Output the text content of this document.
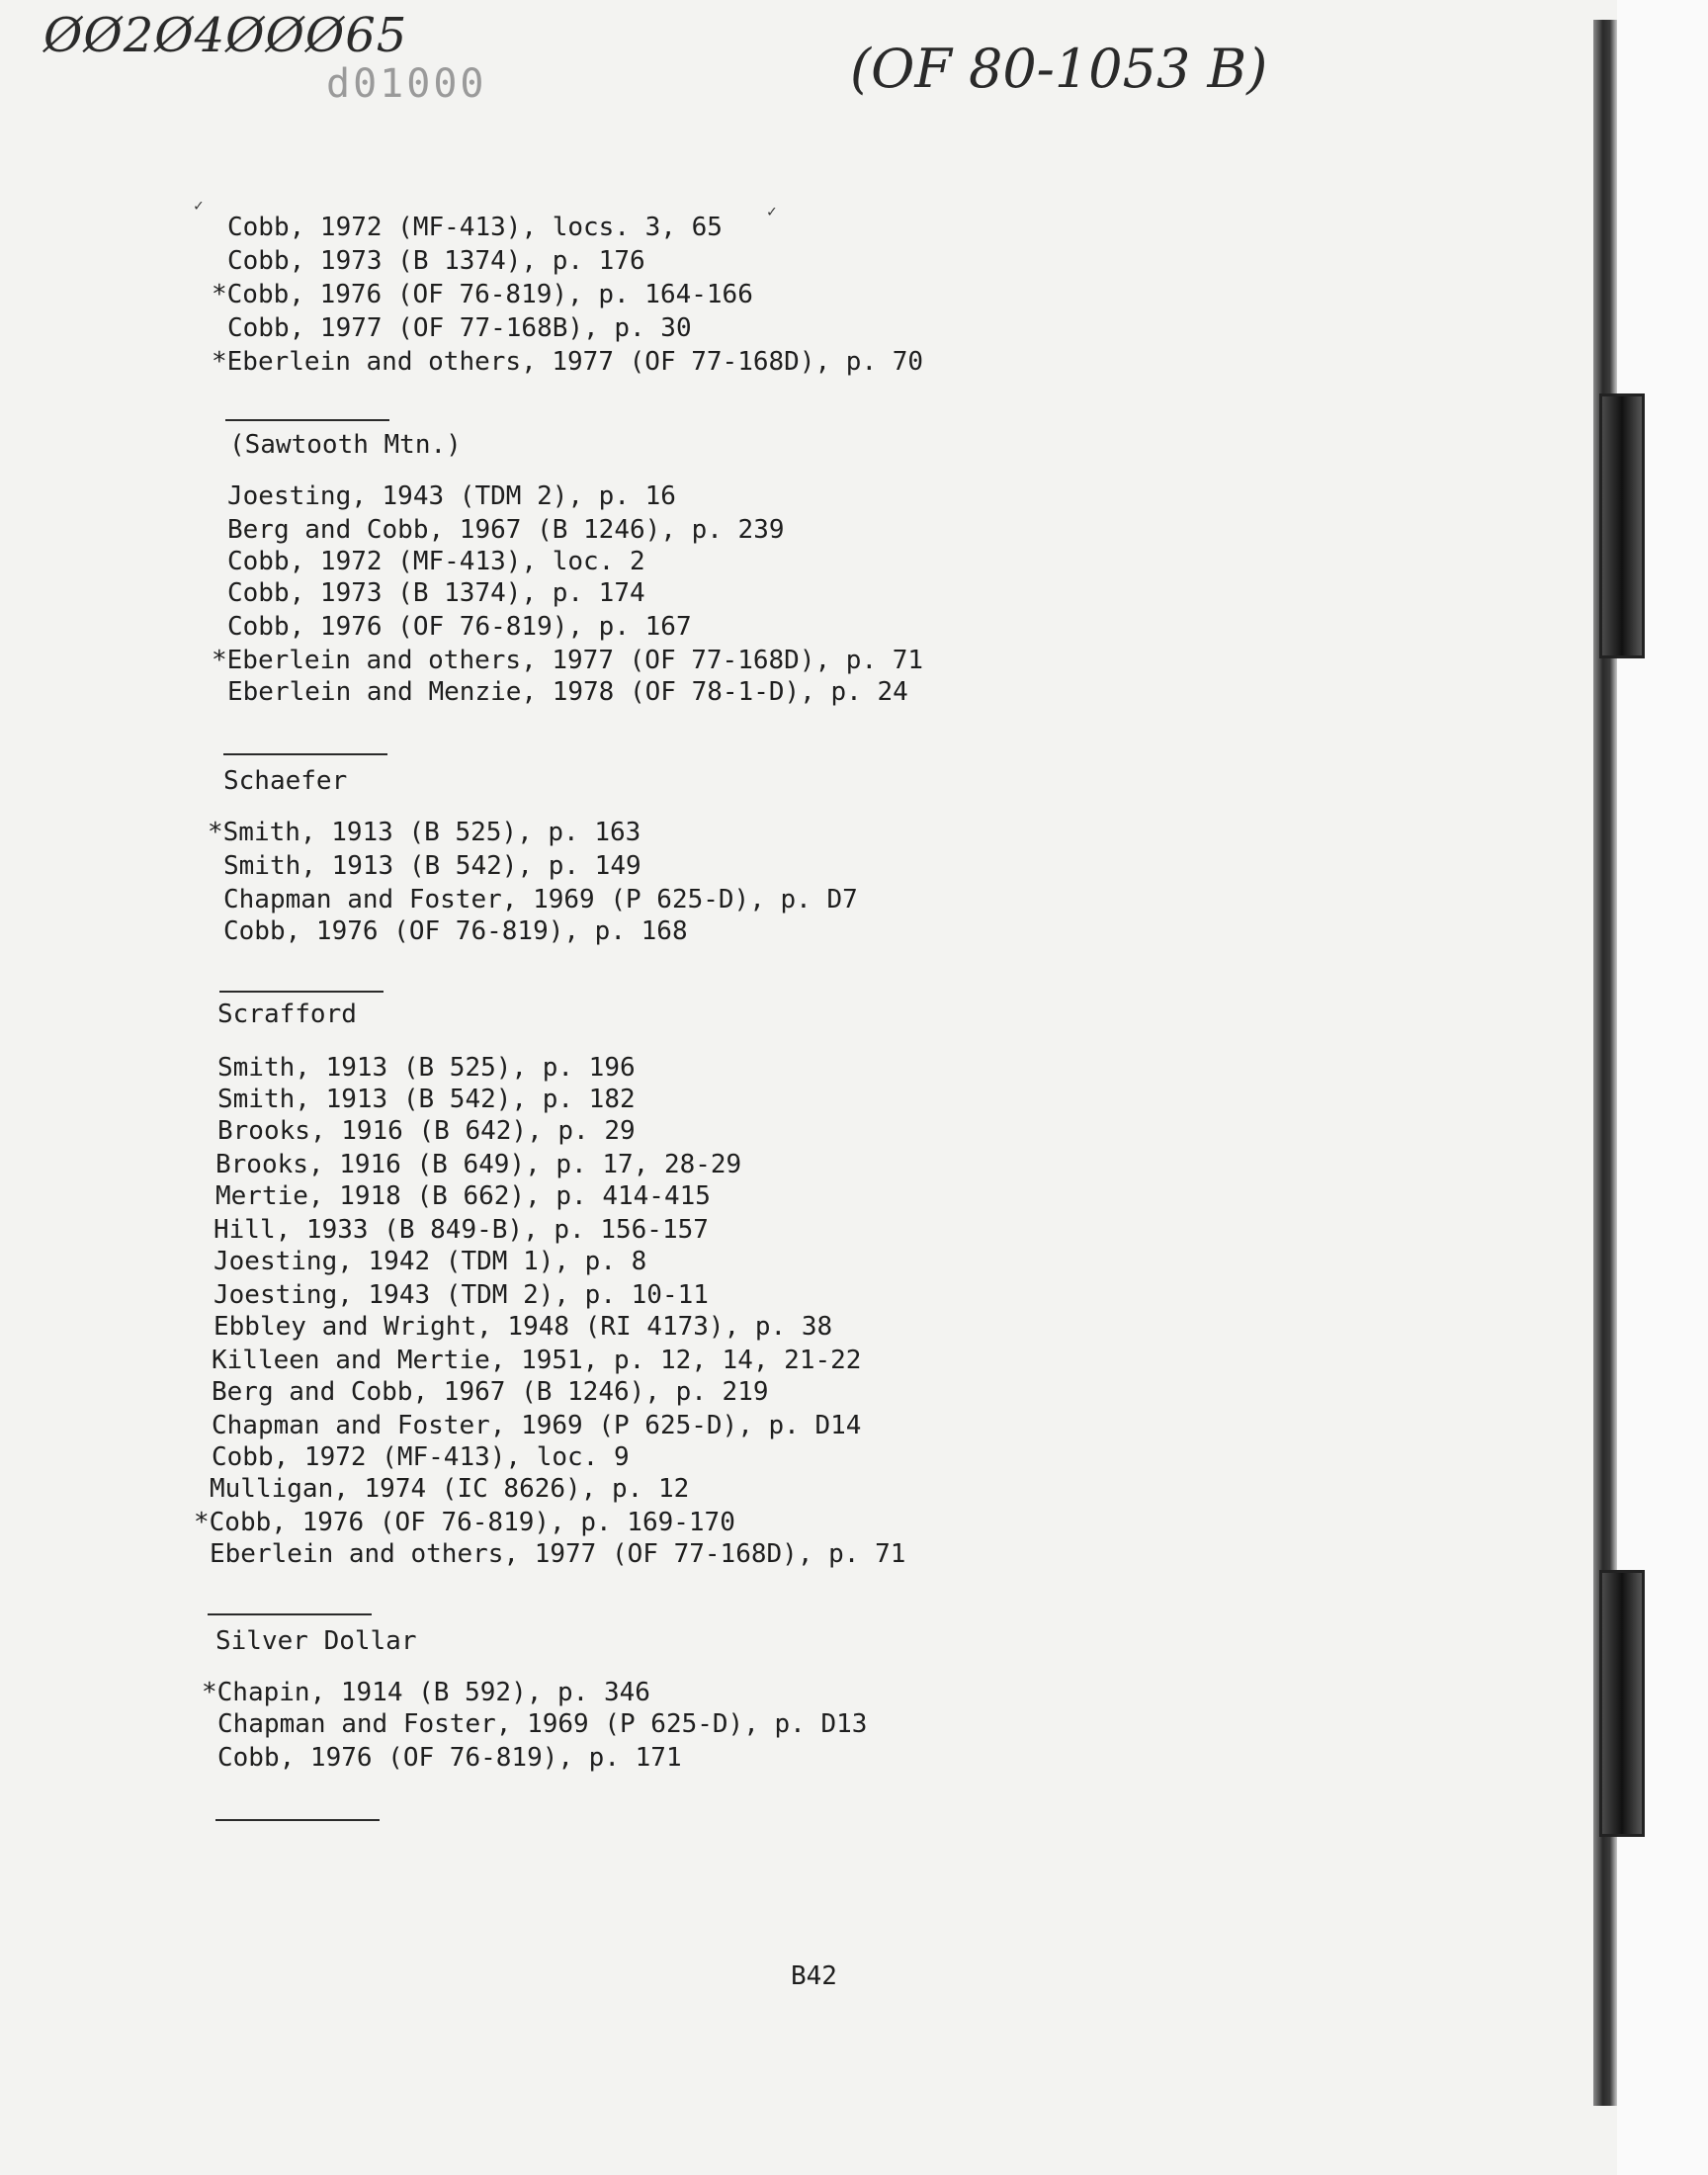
ØØ2Ø4ØØØ65
(OF 80-1053 B)
d01000
✓
Cobb, 1972 (MF-413), locs. 3, 65
✓
Cobb, 1973 (B 1374), p. 176
*Cobb, 1976 (OF 76-819), p. 164-166
Cobb, 1977 (OF 77-168B), p. 30
*Eberlein and others, 1977 (OF 77-168D), p. 70
(Sawtooth Mtn.)
Joesting, 1943 (TDM 2), p. 16
Berg and Cobb, 1967 (B 1246), p. 239
Cobb, 1972 (MF-413), loc. 2
Cobb, 1973 (B 1374), p. 174
Cobb, 1976 (OF 76-819), p. 167
*Eberlein and others, 1977 (OF 77-168D), p. 71
Eberlein and Menzie, 1978 (OF 78-1-D), p. 24
Schaefer
*Smith, 1913 (B 525), p. 163
Smith, 1913 (B 542), p. 149
Chapman and Foster, 1969 (P 625-D), p. D7
Cobb, 1976 (OF 76-819), p. 168
Scrafford
Smith, 1913 (B 525), p. 196
Smith, 1913 (B 542), p. 182
Brooks, 1916 (B 642), p. 29
Brooks, 1916 (B 649), p. 17, 28-29
Mertie, 1918 (B 662), p. 414-415
Hill, 1933 (B 849-B), p. 156-157
Joesting, 1942 (TDM 1), p. 8
Joesting, 1943 (TDM 2), p. 10-11
Ebbley and Wright, 1948 (RI 4173), p. 38
Killeen and Mertie, 1951, p. 12, 14, 21-22
Berg and Cobb, 1967 (B 1246), p. 219
Chapman and Foster, 1969 (P 625-D), p. D14
Cobb, 1972 (MF-413), loc. 9
Mulligan, 1974 (IC 8626), p. 12
*Cobb, 1976 (OF 76-819), p. 169-170
Eberlein and others, 1977 (OF 77-168D), p. 71
Silver Dollar
*Chapin, 1914 (B 592), p. 346
Chapman and Foster, 1969 (P 625-D), p. D13
Cobb, 1976 (OF 76-819), p. 171
B42
